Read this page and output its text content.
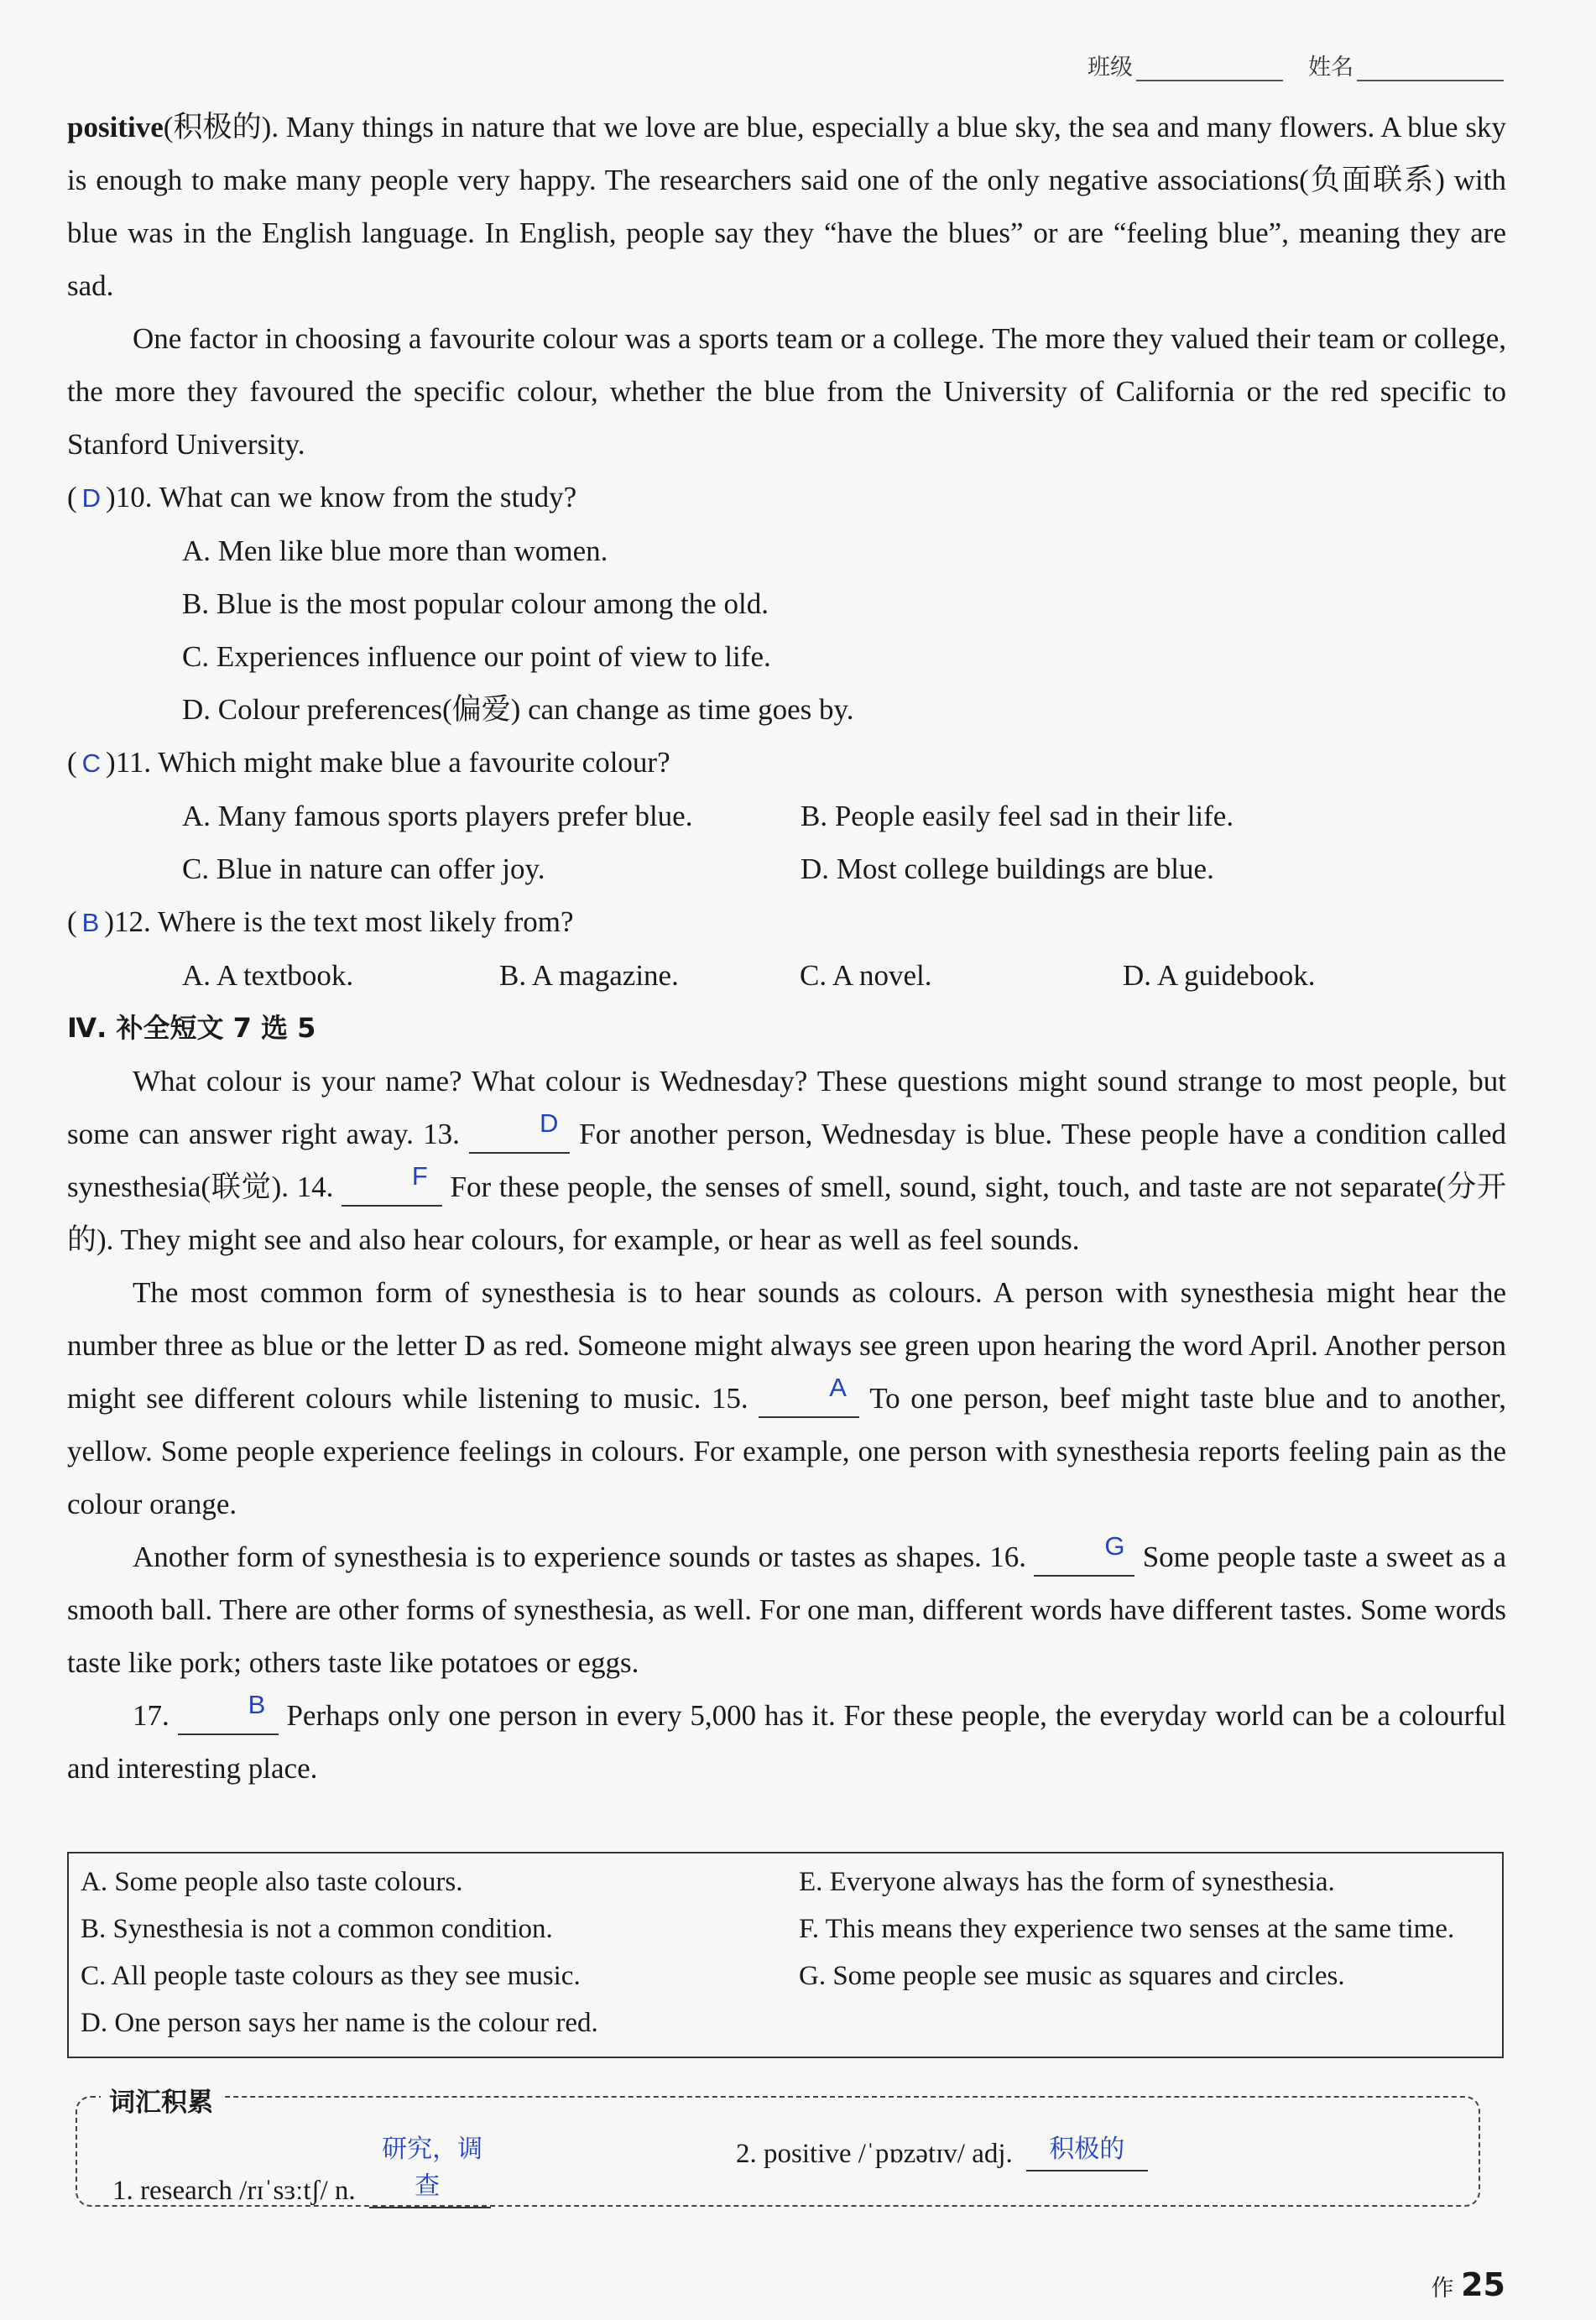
班级	姓名

positive(积极的). Many things in nature that we love are blue, especially a blue sky, the sea and many flowers. A blue sky is enough to make many people very happy. The researchers said one of the only negative associations(负面联系) with blue was in the English language. In English, people say they “have the blues” or are “feeling blue”, meaning they are sad.

One factor in choosing a favourite colour was a sports team or a college. The more they valued their team or college, the more they favoured the specific colour, whether the blue from the University of California or the red specific to Stanford University.

( D )10. What can we know from the study?

A. Men like blue more than women.

B. Blue is the most popular colour among the old.

C. Experiences influence our point of view to life.

D. Colour preferences(偏爱) can change as time goes by.

( C )11. Which might make blue a favourite colour?

A. Many famous sports players prefer blue.	B. People easily feel sad in their life.
C. Blue in nature can offer joy.	D. Most college buildings are blue.

( B )12. Where is the text most likely from?

A. A textbook.	B. A magazine.	C. A novel.	D. A guidebook.

Ⅳ. 补全短文 7 选 5

What colour is your name? What colour is Wednesday? These questions might sound strange to most people, but some can answer right away. 13.	D For another person, Wednesday is blue. These people have a condition called synesthesia(联觉). 14.	F For these people, the senses of smell, sound, sight, touch, and taste are not separate(分开的). They might see and also hear colours, for example, or hear as well as feel sounds.

The most common form of synesthesia is to hear sounds as colours. A person with synesthesia might hear the number three as blue or the letter D as red. Someone might always see green upon hearing the word April. Another person might see different colours while listening to music. 15.	A To one person, beef might taste blue and to another, yellow. Some people experience feelings in colours. For example, one person with synesthesia reports feeling pain as the colour orange.

Another form of synesthesia is to experience sounds or tastes as shapes. 16.	G Some people taste a sweet as a smooth ball. There are other forms of synesthesia, as well. For one man, different words have different tastes. Some words taste like pork; others taste like potatoes or eggs.

17.	B Perhaps only one person in every 5,000 has it. For these people, the everyday world can be a colourful and interesting place.

A. Some people also taste colours.

B. Synesthesia is not a common condition.

C. All people taste colours as they see music.

D. One person says her name is the colour red.

E. Everyone always has the form of synesthesia.

F. This means they experience two senses at the same time.

G. Some people see music as squares and circles.

词汇积累
1. research /rɪˈsɜːtʃ/ n.研究，调查
2. positive /ˈpɒzətɪv/ adj. 积极的
作 25
